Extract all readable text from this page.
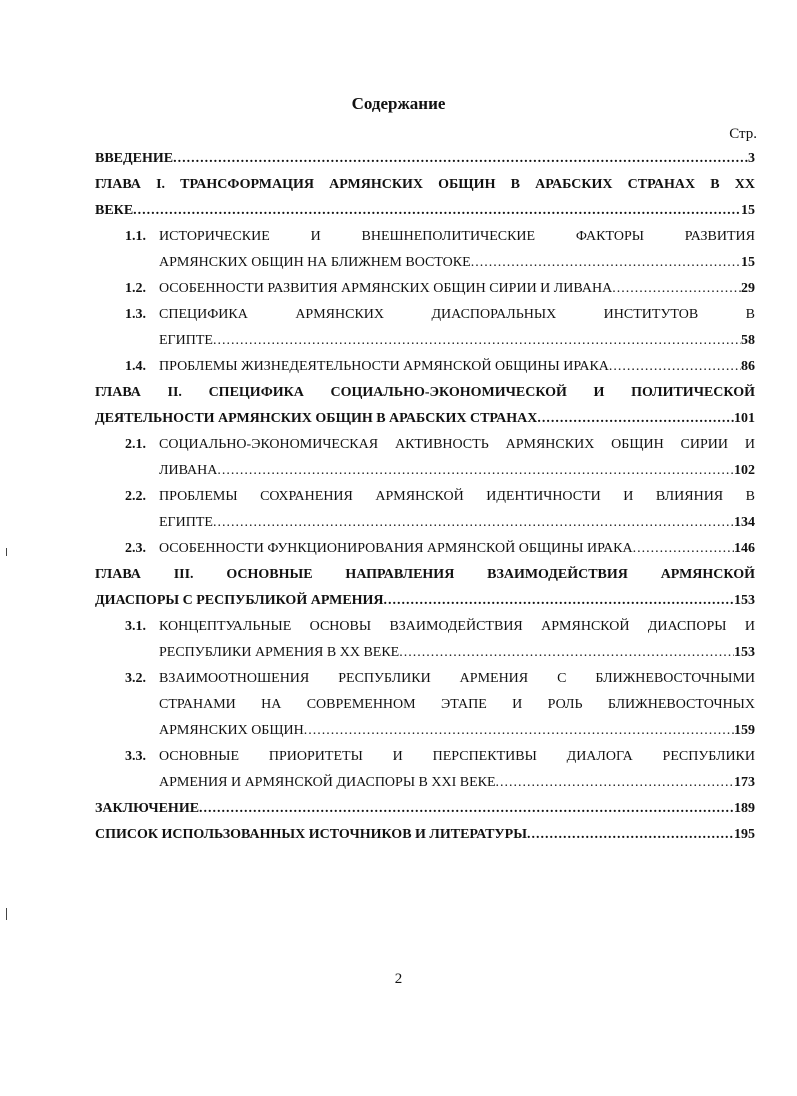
Содержание
Стр.
ВВЕДЕНИЕ .....	3
ГЛАВА I. ТРАНСФОРМАЦИЯ АРМЯНСКИХ ОБЩИН В АРАБСКИХ СТРАНАХ В ХХ
ВЕКЕ .....	15
1.1. ИСТОРИЧЕСКИЕ И ВНЕШНЕПОЛИТИЧЕСКИЕ ФАКТОРЫ РАЗВИТИЯ
АРМЯНСКИХ ОБЩИН НА БЛИЖНЕМ ВОСТОКЕ .....	15
1.2. ОСОБЕННОСТИ РАЗВИТИЯ АРМЯНСКИХ ОБЩИН СИРИИ И ЛИВАНА .....	29
1.3. СПЕЦИФИКА АРМЯНСКИХ ДИАСПОРАЛЬНЫХ ИНСТИТУТОВ В
ЕГИПТЕ .....	58
1.4. ПРОБЛЕМЫ ЖИЗНЕДЕЯТЕЛЬНОСТИ АРМЯНСКОЙ ОБЩИНЫ ИРАКА .....	86
ГЛАВА II. СПЕЦИФИКА СОЦИАЛЬНО-ЭКОНОМИЧЕСКОЙ И ПОЛИТИЧЕСКОЙ
ДЕЯТЕЛЬНОСТИ АРМЯНСКИХ ОБЩИН В АРАБСКИХ СТРАНАХ .....	101
2.1. СОЦИАЛЬНО-ЭКОНОМИЧЕСКАЯ АКТИВНОСТЬ АРМЯНСКИХ ОБЩИН СИРИИ И
ЛИВАНА .....	102
2.2. ПРОБЛЕМЫ СОХРАНЕНИЯ АРМЯНСКОЙ ИДЕНТИЧНОСТИ И ВЛИЯНИЯ В
ЕГИПТЕ .....	134
2.3. ОСОБЕННОСТИ ФУНКЦИОНИРОВАНИЯ АРМЯНСКОЙ ОБЩИНЫ ИРАКА .....	146
ГЛАВА III. ОСНОВНЫЕ НАПРАВЛЕНИЯ ВЗАИМОДЕЙСТВИЯ АРМЯНСКОЙ
ДИАСПОРЫ С РЕСПУБЛИКОЙ АРМЕНИЯ .....	153
3.1. КОНЦЕПТУАЛЬНЫЕ ОСНОВЫ ВЗАИМОДЕЙСТВИЯ АРМЯНСКОЙ ДИАСПОРЫ И
РЕСПУБЛИКИ АРМЕНИЯ В ХХ ВЕКЕ .....	153
3.2. ВЗАИМООТНОШЕНИЯ РЕСПУБЛИКИ АРМЕНИЯ С БЛИЖНЕВОСТОЧНЫМИ
СТРАНАМИ НА СОВРЕМЕННОМ ЭТАПЕ И РОЛЬ БЛИЖНЕВОСТОЧНЫХ
АРМЯНСКИХ ОБЩИН .....	159
3.3. ОСНОВНЫЕ ПРИОРИТЕТЫ И ПЕРСПЕКТИВЫ ДИАЛОГА РЕСПУБЛИКИ
АРМЕНИЯ И АРМЯНСКОЙ ДИАСПОРЫ В XXI ВЕКЕ .....	173
ЗАКЛЮЧЕНИЕ .....	189
СПИСОК ИСПОЛЬЗОВАННЫХ ИСТОЧНИКОВ И ЛИТЕРАТУРЫ .....	195
2
